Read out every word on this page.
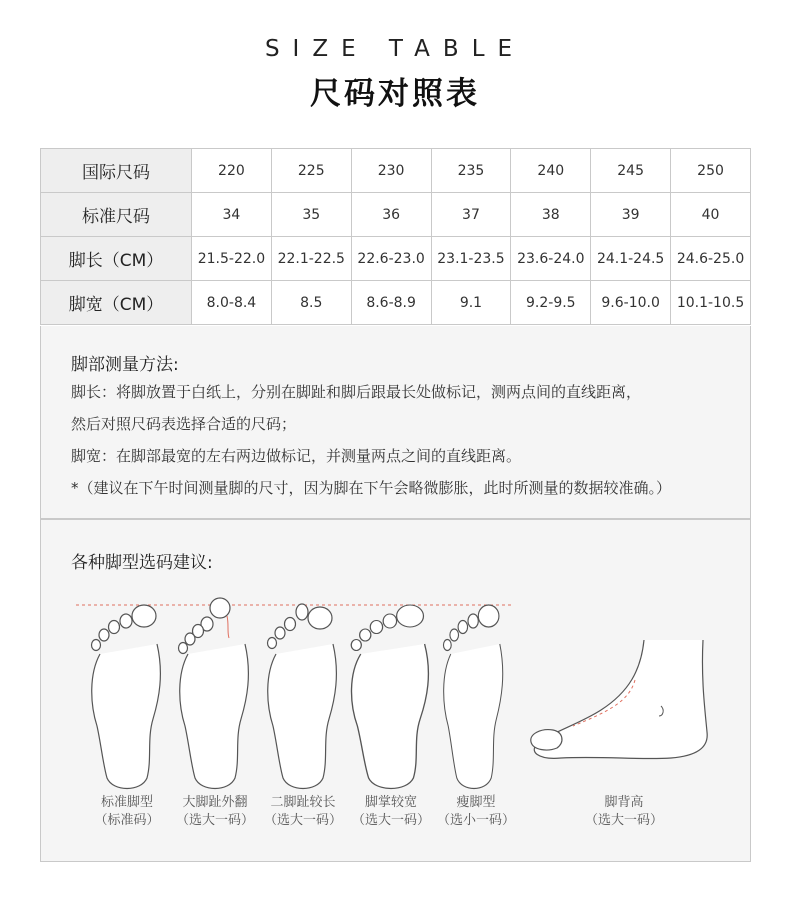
SIZE TABLE
尺码对照表
国际尺码	220	225	230	235	240	245	250
标准尺码	34	35	36	37	38	39	40
脚长（CM）	21.5-22.0	22.1-22.5	22.6-23.0	23.1-23.5	23.6-24.0	24.1-24.5	24.6-25.0
脚宽（CM）	8.0-8.4	8.5	8.6-8.9	9.1	9.2-9.5	9.6-10.0	10.1-10.5
脚部测量方法:
脚长：将脚放置于白纸上，分别在脚趾和脚后跟最长处做标记，测两点间的直线距离，
然后对照尺码表选择合适的尺码；
脚宽：在脚部最宽的左右两边做标记，并测量两点之间的直线距离。
*（建议在下午时间测量脚的尺寸，因为脚在下午会略微膨胀，此时所测量的数据较准确。）
各种脚型选码建议:
标准脚型
（标准码）
大脚趾外翻
（选大一码）
二脚趾较长
（选大一码）
脚掌较宽
（选大一码）
瘦脚型
（选小一码）
脚背高
（选大一码）
